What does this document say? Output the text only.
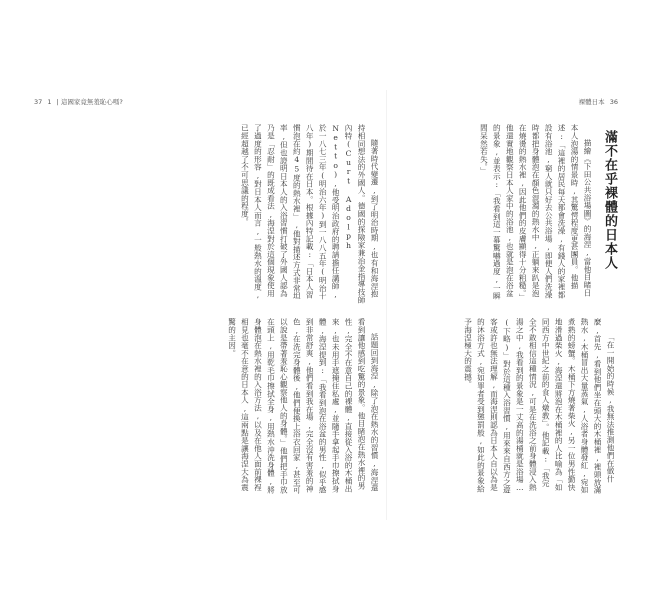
37 1 | 這國家竟無羞恥心嗎?	裸體日本 36
滿不在乎裸體的日本人

描繪《下田公共浴場圖》的海涅,當他目睹日本人泡湯的情景時,其驚愕程度更甚團員。他描述:「這裡的居民每天都會洗澡,有錢人的家裡都設有浴池,窮人就只好去公共浴場,即便人們洗澡時都把身體泡在顏色混濁的熱水中,正躺來趴是泡在燒燙的熱水裡,因此他們的皮膚顯得十分粗糙。」他還實地觀察日本人家中的浴池,也就是泡在浴盆的景象,並表示:「我看到這一幕驚嚇過度,一瞬間呆然若失。」

「在一開始的時候,我無法推測他們在做什麼,首先,看到他們坐在頭大的木桶裡,裡頭放滿熱水,木桶冒出大量蒸氣,人浴者身體發紅,宛如煮熟的螃蟹。木桶下方燒著柴火,另一位男性勤快地滑過柴火,海涅還將泡在木桶裡的人比喻為「如同西方中世紀之前的食人燉教」。他記載:「我完全不敢相信這種情況,可是在洗浴之前身體浸入熱湯之中,我看到的景象是一丈高的湯桶就是浴場…(下略)」對於這種入浴習慣,用來來自西方之遊客或許也無法理解,而海涅則認為日本人自以為是的沐浴方式,宛如罪者受到懲罰般,如此的景象給予海涅極大的震撼。

隨著時代變遷,到了明治時期,也有和海涅抱持相同想法的外國人。德國的探險家兼治金指導技師內特(Curt Adolph Netto),他受明治政府的聘請擔任講師,於一八七三年(明治六年)到一八八五年(明治十八年)期間待在日本。根據內特記載:「日本人習慣泡在約45度的熱水裡」,他對描述方式非常坦率,但也證明日本人的入浴習慣打破了外國人認為乃是「忍耐」的既成看法,海涅對於這個現象使用了過度的形容,對日本人而言,一般熱水的溫度,已經超越了不可思議的程度。

話題回到海涅,除了泡在熱水的習慣,海涅還看到讓他感到吃驚的景象。他目睹泡在熱水裡的男性,完全不在意自己的裸體,直接從入浴的木桶出來,也未用手遮掩住私處,並隨手拿起手巾擦拭身體,海涅提到:「我看到泡在浴盆的男性,似乎感到非常舒爽,他們看到我在場,完全沒有害羞的神色,在洗完身體後,他們便換上浴衣回家,甚至可以說是帶著羞恥心觀察他人的身體。」他們把手巾放在頭上,用乾毛巾擦拭全身,用熱水沖洗身體,將身體泡在熱水裡的入浴方法,以及在他人面前裸裎相見也毫不在意的日本人,這兩點是讓海涅大為震驚的主因。
